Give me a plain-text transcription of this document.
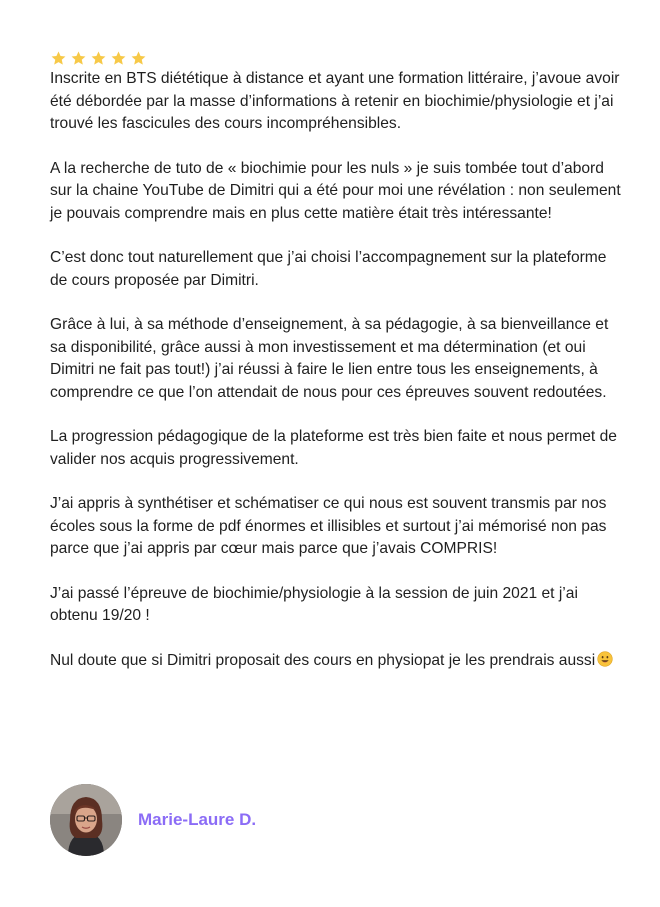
Inscrite en BTS diététique à distance et ayant une formation littéraire, j’avoue avoir été débordée par la masse d’informations à retenir en biochimie/physiologie et j’ai trouvé les fascicules des cours incompréhensibles.

A la recherche de tuto de « biochimie pour les nuls » je suis tombée tout d’abord sur la chaine YouTube de Dimitri qui a été pour moi une révélation : non seulement je pouvais comprendre mais en plus cette matière était très intéressante!

C’est donc tout naturellement que j’ai choisi l’accompagnement sur la plateforme de cours proposée par Dimitri.

Grâce à lui, à sa méthode d’enseignement, à sa pédagogie, à sa bienveillance et sa disponibilité, grâce aussi à mon investissement et ma détermination (et oui Dimitri ne fait pas tout!) j’ai réussi à faire le lien entre tous les enseignements, à comprendre ce que l’on attendait de nous pour ces épreuves souvent redoutées.

La progression pédagogique de la plateforme est très bien faite et nous permet de valider nos acquis progressivement.

J’ai appris à synthétiser et schématiser ce qui nous est souvent transmis par nos écoles sous la forme de pdf énormes et illisibles et surtout j’ai mémorisé non pas parce que j’ai appris par cœur mais parce que j’avais COMPRIS!

J’ai passé l’épreuve de biochimie/physiologie à la session de juin 2021 et j’ai obtenu 19/20 !

Nul doute que si Dimitri proposait des cours en physiopat je les prendrais aussi

Marie-Laure D.
